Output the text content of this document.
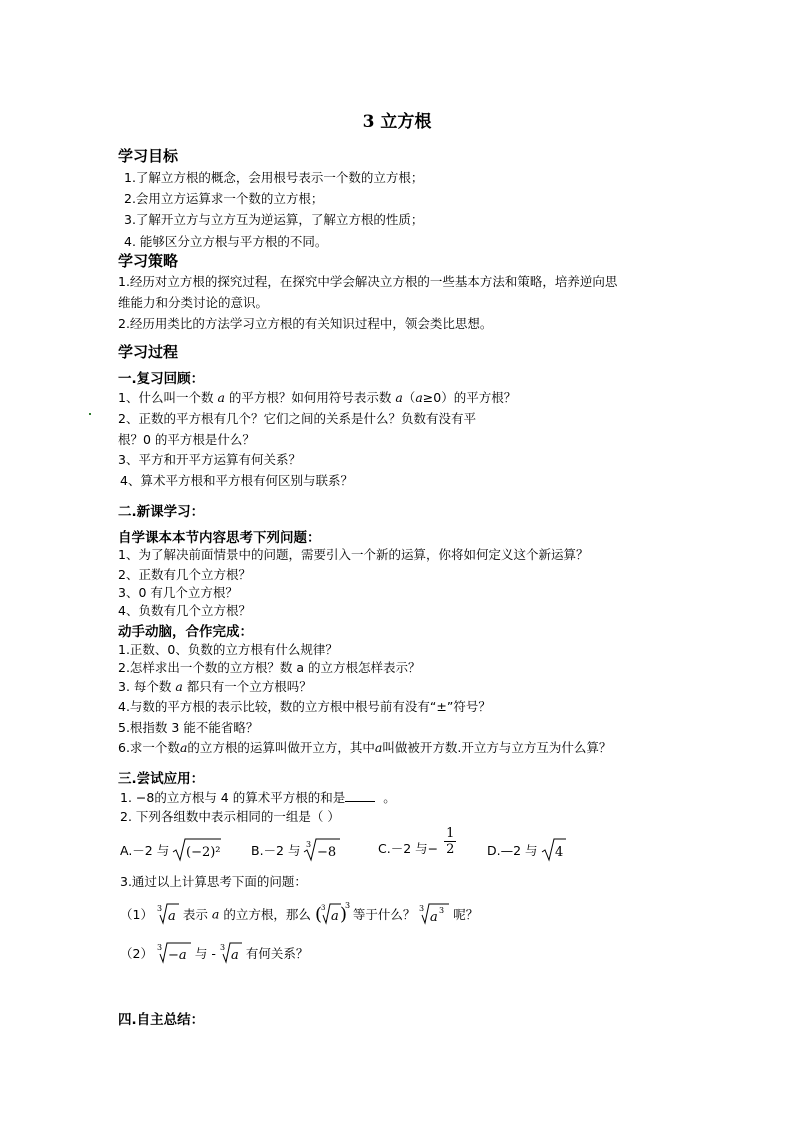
3 立方根
学习目标
1.了解立方根的概念，会用根号表示一个数的立方根；
2.会用立方运算求一个数的立方根；
3.了解开立方与立方互为逆运算，了解立方根的性质；
4. 能够区分立方根与平方根的不同。
学习策略
1.经历对立方根的探究过程，在探究中学会解决立方根的一些基本方法和策略，培养逆向思
维能力和分类讨论的意识。
2.经历用类比的方法学习立方根的有关知识过程中，领会类比思想。
学习过程
一.复习回顾：
1、什么叫一个数 a 的平方根？如何用符号表示数 a（a≥0）的平方根？
2、正数的平方根有几个？它们之间的关系是什么？负数有没有平
根？0 的平方根是什么？
3、平方和开平方运算有何关系？
4、算术平方根和平方根有何区别与联系？
二.新课学习：
自学课本本节内容思考下列问题：
1、为了解决前面情景中的问题，需要引入一个新的运算，你将如何定义这个新运算？
2、正数有几个立方根？
3、0 有几个立方根？
4、负数有几个立方根？
动手动脑，合作完成：
1.正数、0、负数的立方根有什么规律？
2.怎样求出一个数的立方根？数 a 的立方根怎样表示？
3. 每个数 a 都只有一个立方根吗？
4.与数的平方根的表示比较，数的立方根中根号前有没有“±”符号？
5.根指数 3 能不能省略？
6.求一个数a的立方根的运算叫做开立方，其中a叫做被开方数.开立方与立方互为什么算？
三.尝试应用：
1. −8的立方根与 4 的算术平方根的和是	。
2. 下列各组数中表示相同的一组是（ ）
A.－2 与 (−2)² B.－2 与 3
−8	C.－2 与− $\frac{1}{2}$ D.—2 与 4
3.通过以上计算思考下面的问题：
（1） 3
a 表示 a 的立方根，那么 (
3
a )
3
等于什么？ 3
a 3 呢？
（2） 3
−a 与 - 3
a 有何关系？
四.自主总结：
